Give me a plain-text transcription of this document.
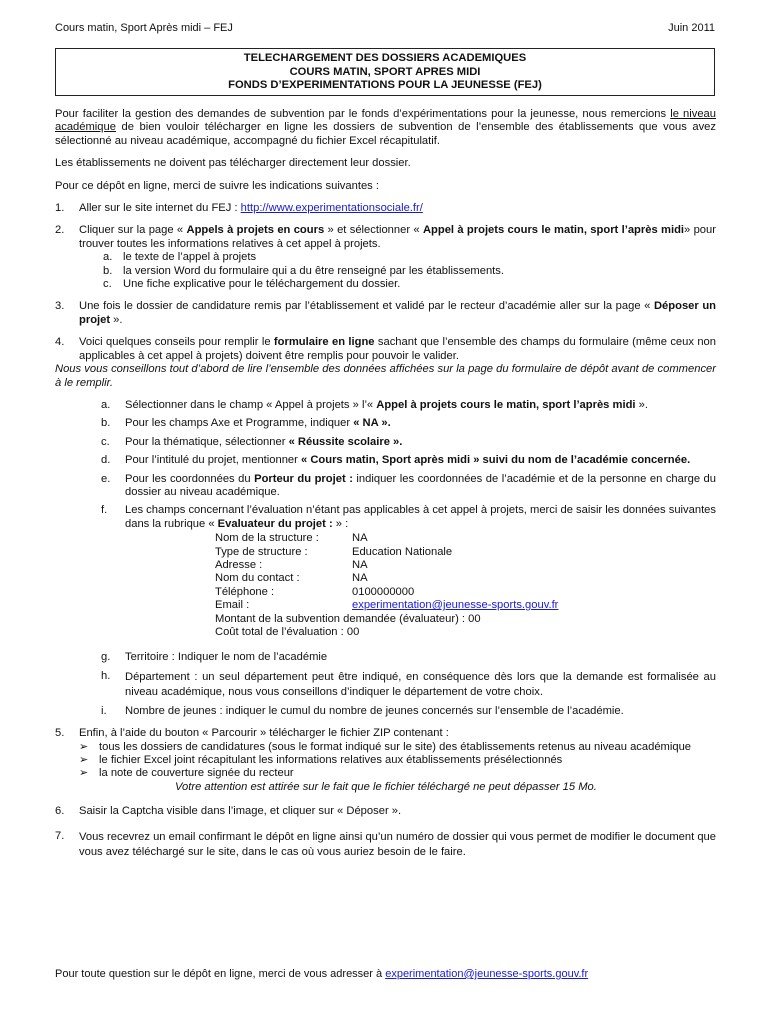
Cours matin, Sport Après midi – FEJ	Juin 2011
TELECHARGEMENT DES DOSSIERS ACADEMIQUES
COURS MATIN, SPORT APRES MIDI
FONDS D’EXPERIMENTATIONS POUR LA JEUNESSE (FEJ)

Pour faciliter la gestion des demandes de subvention par le fonds d’expérimentations pour la jeunesse, nous remercions le niveau académique de bien vouloir télécharger en ligne les dossiers de subvention de l’ensemble des établissements que vous avez sélectionné au niveau académique, accompagné du fichier Excel récapitulatif.

Les établissements ne doivent pas télécharger directement leur dossier.

Pour ce dépôt en ligne, merci de suivre les indications suivantes :

1.	Aller sur le site internet du FEJ : http://www.experimentationsociale.fr/
2.	Cliquer sur la page « Appels à projets en cours » et sélectionner « Appel à projets cours le matin, sport l’après midi» pour trouver toutes les informations relatives à cet appel à projets.
a. le texte de l’appel à projets
b. la version Word du formulaire qui a du être renseigné par les établissements.
c.	Une fiche explicative pour le téléchargement du dossier.
3.	Une fois le dossier de candidature remis par l’établissement et validé par le recteur d’académie aller sur la page « Déposer un projet ».
4.	Voici quelques conseils pour remplir le formulaire en ligne sachant que l’ensemble des champs du formulaire (même ceux non applicables à cet appel à projets) doivent être remplis pour pouvoir le valider.

Nous vous conseillons tout d’abord de lire l’ensemble des données affichées sur la page du formulaire de dépôt avant de commencer à le remplir.

a.	Sélectionner dans le champ « Appel à projets » l’« Appel à projets cours le matin, sport l’après midi ».
b.	Pour les champs Axe et Programme, indiquer « NA ».
c.	Pour la thématique, sélectionner « Réussite scolaire ».
d.	Pour l’intitulé du projet, mentionner « Cours matin, Sport après midi » suivi du nom de l’académie concernée.
e.	Pour les coordonnées du Porteur du projet : indiquer les coordonnées de l’académie et de la personne en charge du dossier au niveau académique.
f.	Les champs concernant l’évaluation n’étant pas applicables à cet appel à projets, merci de saisir les données suivantes dans la rubrique « Evaluateur du projet : » :
Nom de la structure :	NA
Type de structure :	Education Nationale
Adresse :	NA
Nom du contact :	NA
Téléphone :	0100000000
Email :	experimentation@jeunesse-sports.gouv.fr
Montant de la subvention demandée (évaluateur) : 00
Coût total de l’évaluation : 00
g.	Territoire : Indiquer le nom de l’académie
h.	Département : un seul département peut être indiqué, en conséquence dès lors que la demande est formalisée au niveau académique, nous vous conseillons d’indiquer le département de votre choix.
i.	Nombre de jeunes : indiquer le cumul du nombre de jeunes concernés sur l’ensemble de l’académie.
5.	Enfin, à l’aide du bouton « Parcourir » télécharger le fichier ZIP contenant :
➢ tous les dossiers de candidatures (sous le format indiqué sur le site) des établissements retenus au niveau académique
➢ le fichier Excel joint récapitulant les informations relatives aux établissements présélectionnés
➢ la note de couverture signée du recteur

Votre attention est attirée sur le fait que le fichier téléchargé ne peut dépasser 15 Mo.

6.	Saisir la Captcha visible dans l’image, et cliquer sur « Déposer ».
7.	Vous recevrez un email confirmant le dépôt en ligne ainsi qu’un numéro de dossier qui vous permet de modifier le document que vous avez téléchargé sur le site, dans le cas où vous auriez besoin de le faire.
Pour toute question sur le dépôt en ligne, merci de vous adresser à experimentation@jeunesse-sports.gouv.fr
